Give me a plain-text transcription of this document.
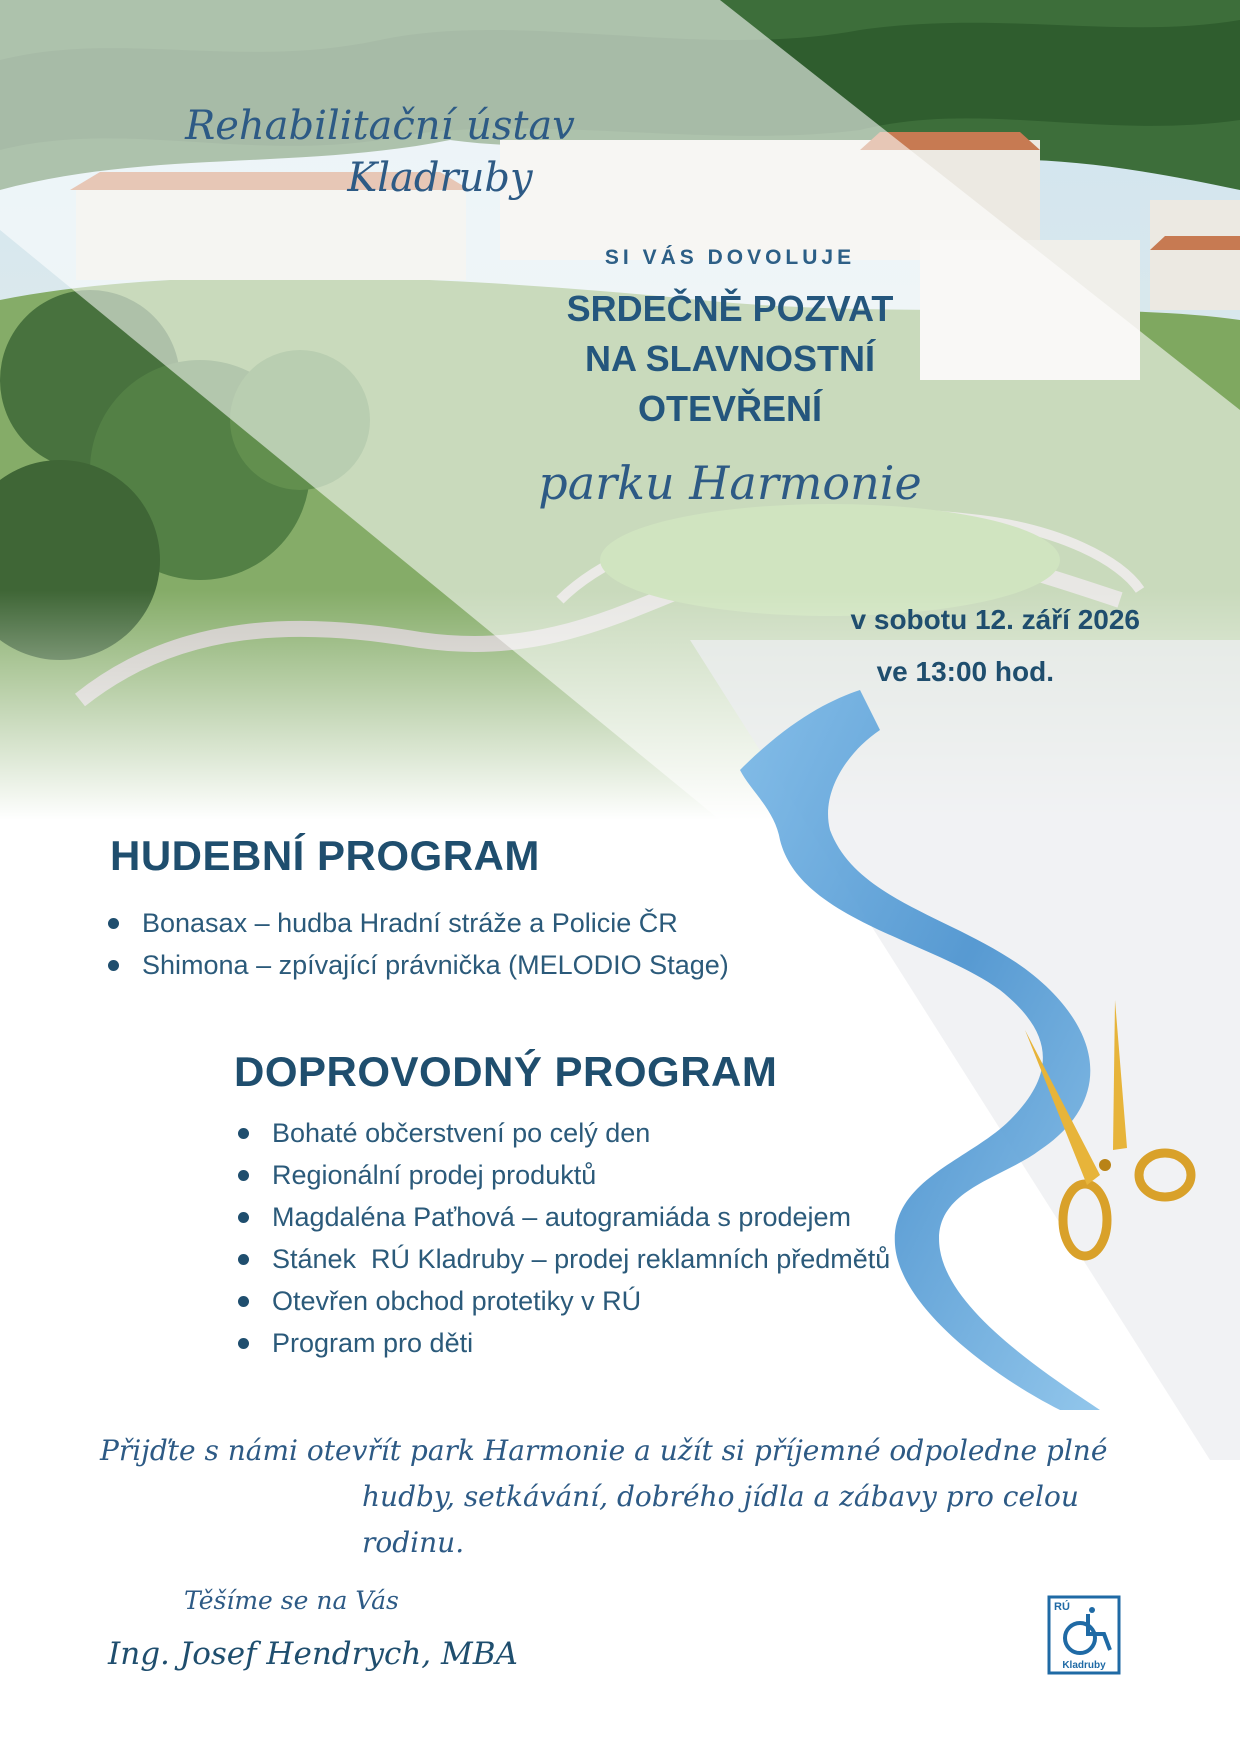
Rehabilitační ústav
Kladruby
SI VÁS DOVOLUJE
SRDEČNĚ POZVAT
NA SLAVNOSTNÍ
OTEVŘENÍ
parku Harmonie
v sobotu 12. září 2026
ve 13:00 hod.
HUDEBNÍ PROGRAM
Bonasax – hudba Hradní stráže a Policie ČR
Shimona – zpívající právnička (MELODIO Stage)
DOPROVODNÝ PROGRAM
Bohaté občerstvení po celý den
Regionální prodej produktů
Magdaléna Paťhová – autogramiáda s prodejem
Stánek  RÚ Kladruby – prodej reklamních předmětů
Otevřen obchod protetiky v RÚ
Program pro děti
Přijďte s námi otevřít park Harmonie a užít si příjemné odpoledne plné
hudby, setkávání, dobrého jídla a zábavy pro celou rodinu.
Těšíme se na Vás
Ing. Josef Hendrych, MBA
RÚ
Kladruby
